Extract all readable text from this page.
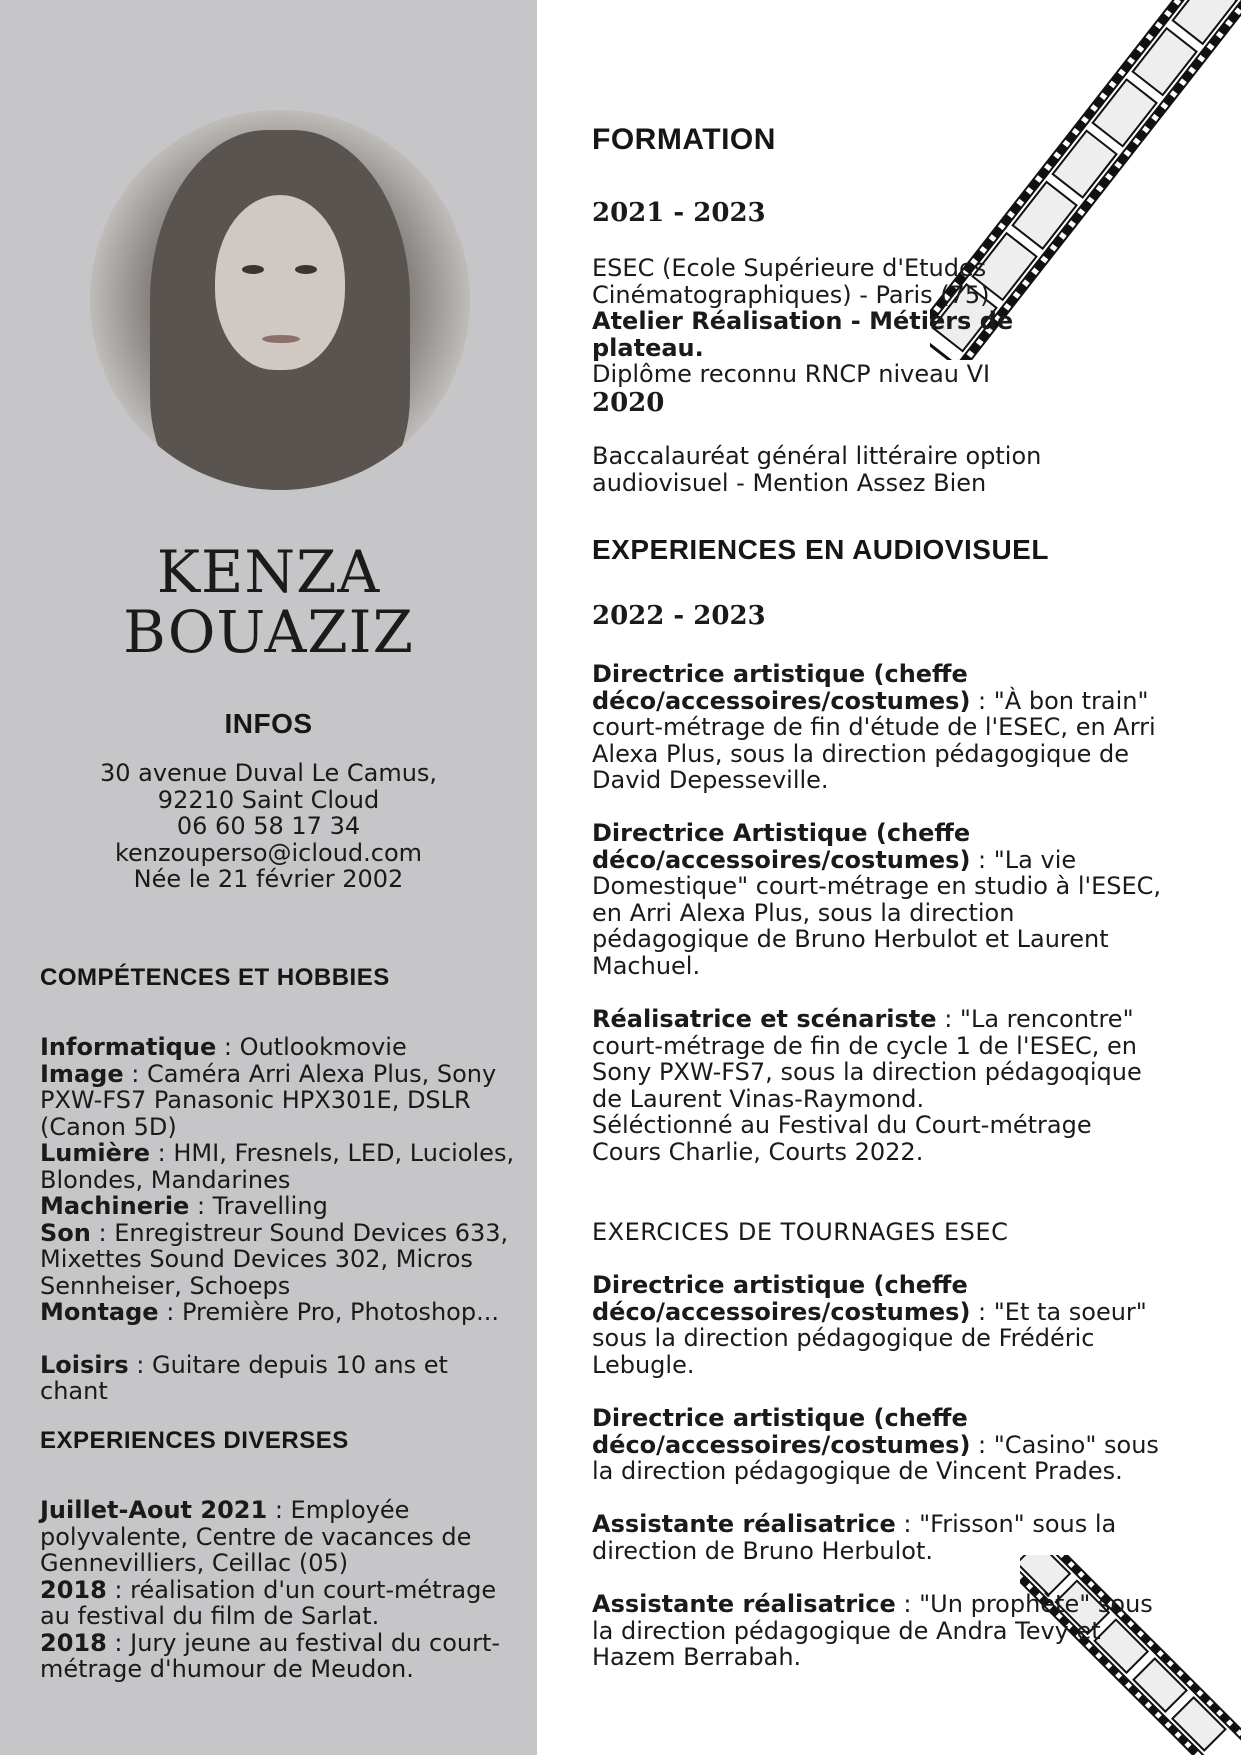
KENZA
BOUAZIZ
INFOS
30 avenue Duval Le Camus,
92210 Saint Cloud
06 60 58 17 34
kenzouperso@icloud.com
Née le 21 février 2002
COMPÉTENCES ET HOBBIES

Informatique : Outlookmovie

Image : Caméra Arri Alexa Plus, Sony PXW-FS7 Panasonic HPX301E, DSLR (Canon 5D)

Lumière : HMI, Fresnels, LED, Lucioles, Blondes, Mandarines

Machinerie : Travelling

Son : Enregistreur Sound Devices 633, Mixettes Sound Devices 302, Micros Sennheiser, Schoeps

Montage : Première Pro, Photoshop...

Loisirs : Guitare depuis 10 ans et chant

EXPERIENCES DIVERSES

Juillet-Aout 2021 : Employée polyvalente, Centre de vacances de Gennevilliers, Ceillac (05)

2018 : réalisation d'un court-métrage au festival du film de Sarlat.

2018 : Jury jeune au festival du court-métrage d'humour de Meudon.

FORMATION
2021 - 2023

ESEC (Ecole Supérieure d'Etudes Cinématographiques) - Paris (75)

Atelier Réalisation - Métiers de plateau.

Diplôme reconnu RNCP niveau VI

2020

Baccalauréat général littéraire option audiovisuel - Mention Assez Bien

EXPERIENCES EN AUDIOVISUEL
2022 - 2023

Directrice artistique (cheffe déco/accessoires/costumes) : "À bon train" court-métrage de fin d'étude de l'ESEC, en Arri Alexa Plus, sous la direction pédagogique de David Depesseville.

Directrice Artistique (cheffe déco/accessoires/costumes) : "La vie Domestique" court-métrage en studio à l'ESEC, en Arri Alexa Plus, sous la direction pédagogique de Bruno Herbulot et Laurent Machuel.

Réalisatrice et scénariste : "La rencontre" court-métrage de fin de cycle 1 de l'ESEC, en Sony PXW-FS7, sous la direction pédagoqique de Laurent Vinas-Raymond.

Séléctionné au Festival du Court-métrage Cours Charlie, Courts 2022.

EXERCICES DE TOURNAGES ESEC

Directrice artistique (cheffe déco/accessoires/costumes) : "Et ta soeur" sous la direction pédagogique de Frédéric Lebugle.

Directrice artistique (cheffe déco/accessoires/costumes) : "Casino" sous la direction pédagogique de Vincent Prades.

Assistante réalisatrice : "Frisson" sous la direction de Bruno Herbulot.

Assistante réalisatrice : "Un prophète" sous la direction pédagogique de Andra Tevy et Hazem Berrabah.
